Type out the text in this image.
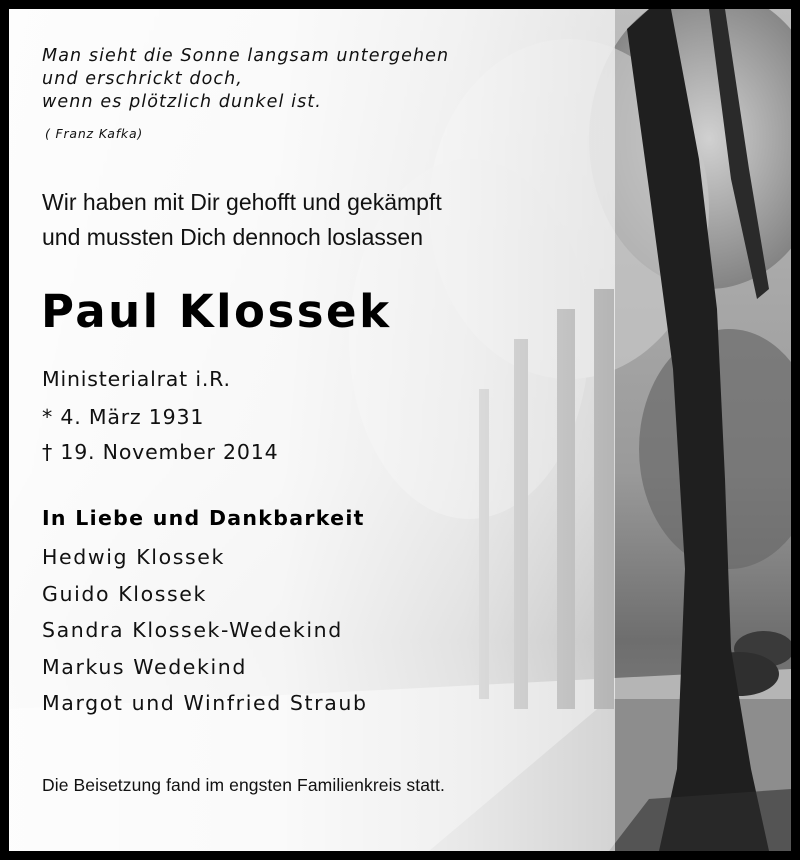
Man sieht die Sonne langsam untergehen
und erschrickt doch,
wenn es plötzlich dunkel ist.
( Franz Kafka)
Wir haben mit Dir gehofft und gekämpft
und mussten Dich dennoch loslassen
Paul Klossek
Ministerialrat i.R.
* 4. März 1931
† 19. November 2014
In Liebe und Dankbarkeit
Hedwig Klossek
Guido Klossek
Sandra Klossek-Wedekind
Markus Wedekind
Margot und Winfried Straub
Die Beisetzung fand im engsten Familienkreis statt.
